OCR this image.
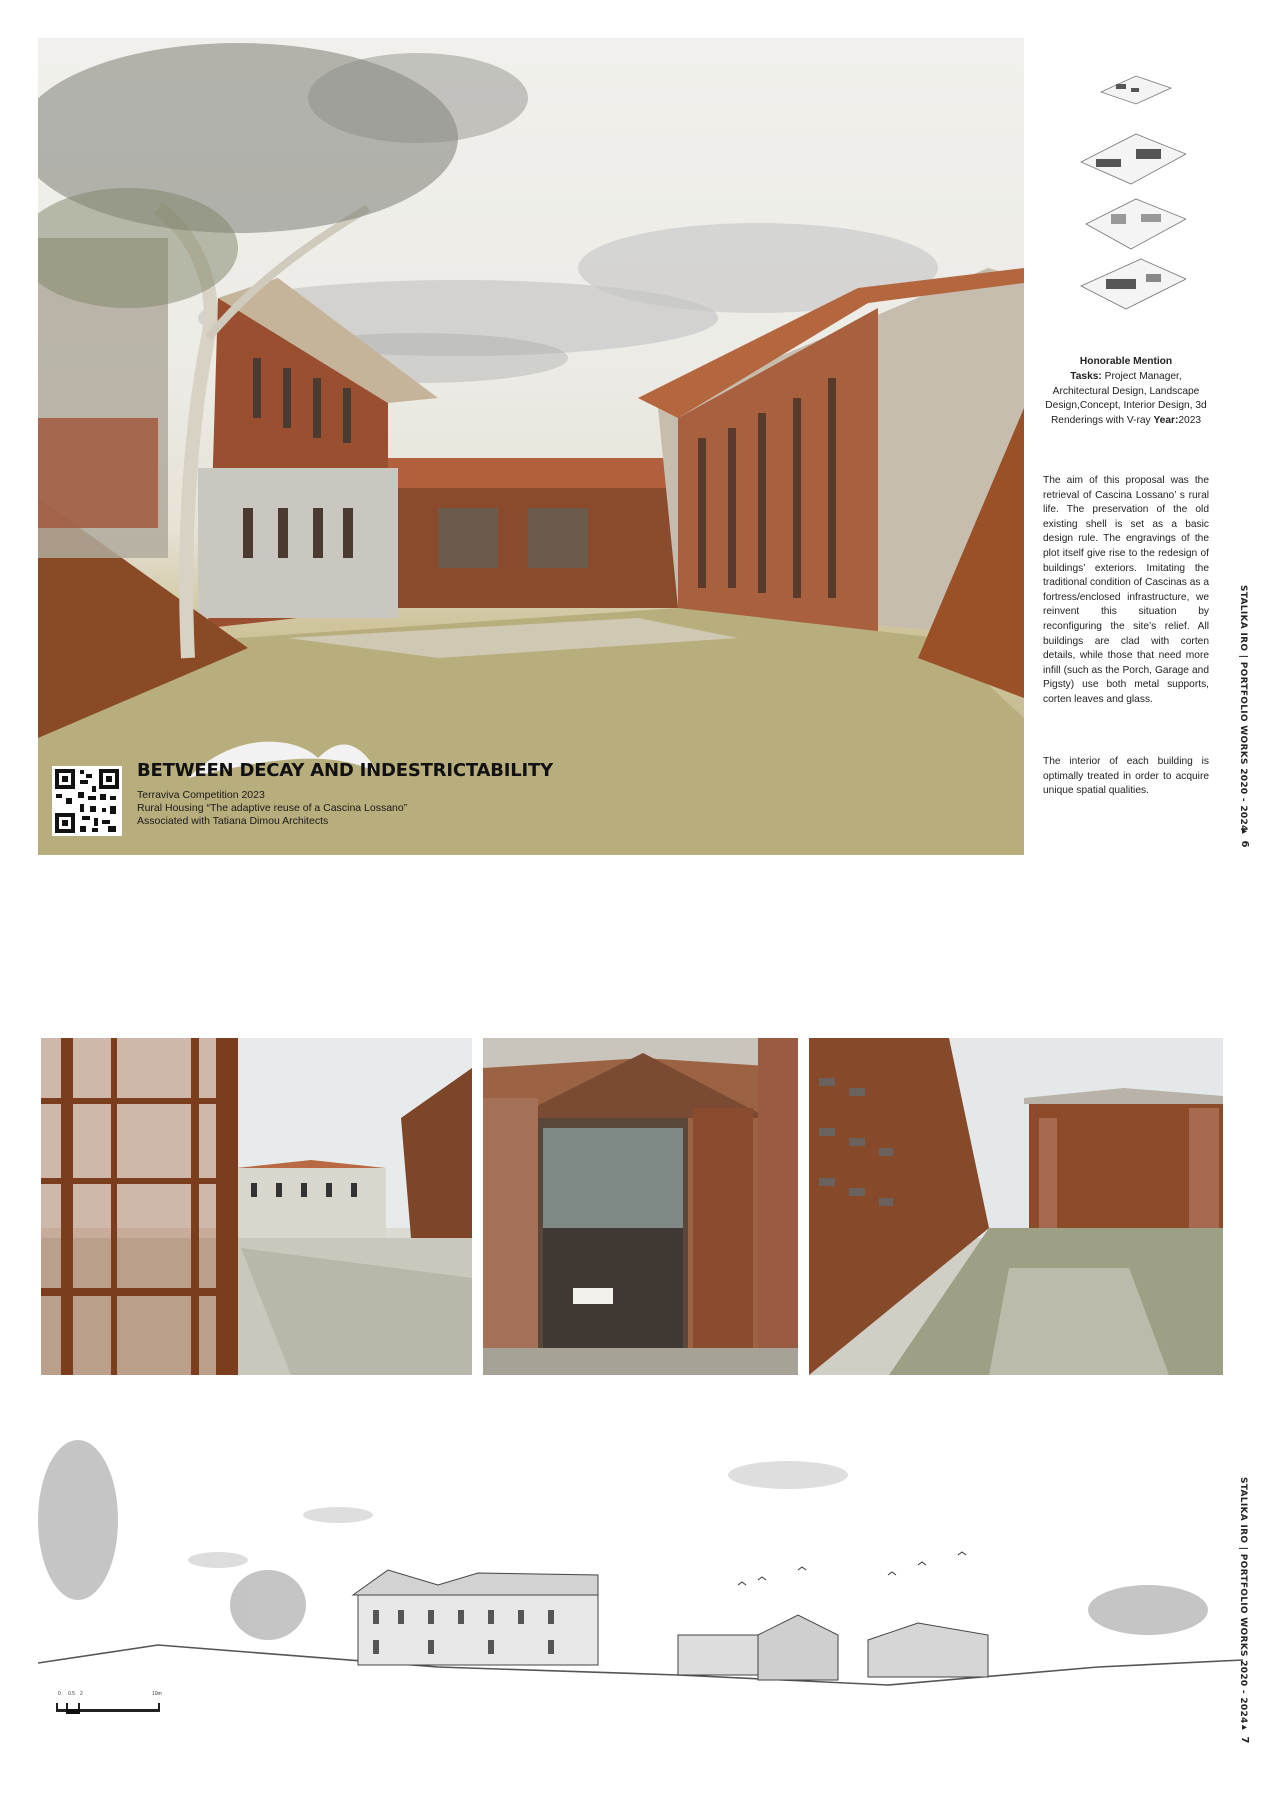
BETWEEN DECAY AND INDESTRICTABILITY
Terraviva Competition 2023
Rural Housing “The adaptive reuse of a Cascina Lossano”
Associated with Tatiana Dimou Architects
Honorable Mention
Tasks: Project Manager, Architectural Design, Landscape Design,Concept, Interior Design, 3d Renderings with V-ray Year:2023
The aim of this proposal was the retrieval of Cascina Lossano’ s rural life. The preservation of the old existing shell is set as a basic design rule. The engravings of the plot itself give rise to the redesign of buildings’ exteriors. Imitating the traditional condition of Cascinas as a fortress/enclosed infrastructure, we reinvent this situation by reconfiguring the site’s relief. All buildings are clad with corten details, while those that need more infill (such as the Porch, Garage and Pigsty) use both metal supports, corten leaves and glass.
The interior of each building is optimally treated in order to acquire unique spatial qualities.	STALIKA IRO | PORTFOLIO WORKS 2020 - 2024
▸ 6
0 0.5 2	10m	STALIKA IRO | PORTFOLIO WORKS 2020 - 2024
▸ 7
